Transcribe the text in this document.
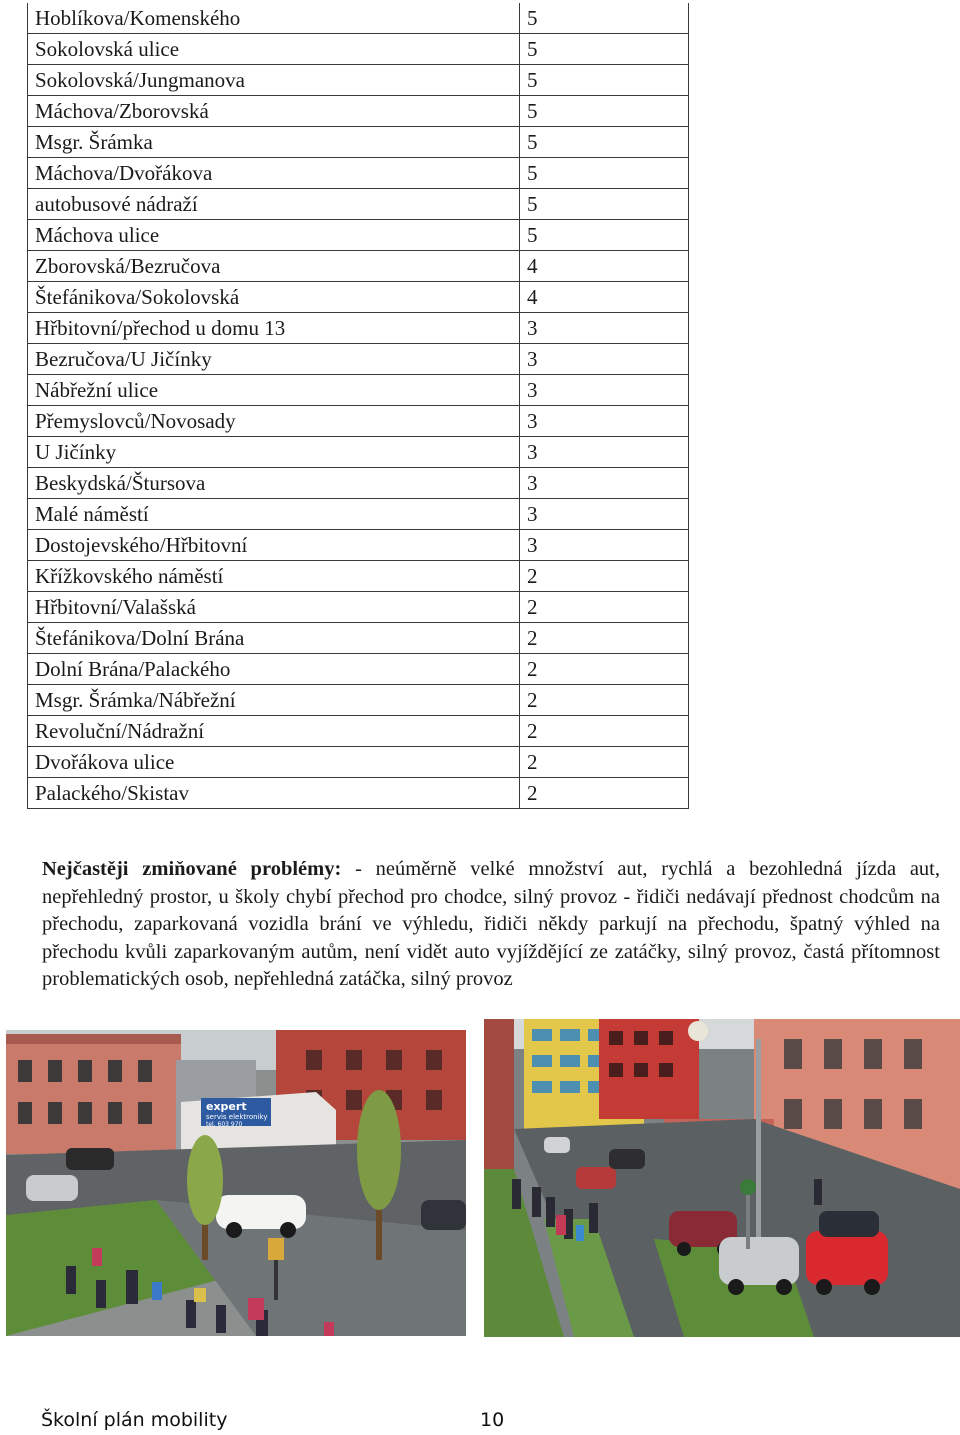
Hoblíkova/Komenského	5
Sokolovská ulice	5
Sokolovská/Jungmanova	5
Máchova/Zborovská	5
Msgr. Šrámka	5
Máchova/Dvořákova	5
autobusové nádraží	5
Máchova ulice	5
Zborovská/Bezručova	4
Štefánikova/Sokolovská	4
Hřbitovní/přechod u domu 13	3
Bezručova/U Jičínky	3
Nábřežní ulice	3
Přemyslovců/Novosady	3
U Jičínky	3
Beskydská/Štursova	3
Malé náměstí	3
Dostojevského/Hřbitovní	3
Křížkovského náměstí	2
Hřbitovní/Valašská	2
Štefánikova/Dolní Brána	2
Dolní Brána/Palackého	2
Msgr. Šrámka/Nábřežní	2
Revoluční/Nádražní	2
Dvořákova ulice	2
Palackého/Skistav	2
Nejčastěji zmiňované problémy: - neúměrně velké množství aut, rychlá a bezohledná jízda aut, nepřehledný prostor, u školy chybí přechod pro chodce, silný provoz - řidiči nedávají přednost chodcům na přechodu, zaparkovaná vozidla brání ve výhledu, řidiči někdy parkují na přechodu, špatný výhled na přechodu kvůli zaparkovaným autům, není vidět auto vyjíždějící ze zatáčky, silný provoz, častá přítomnost problematických osob, nepřehledná zatáčka, silný provoz
expert
servis elektroniky
tel. 603 970
Školní plán mobility	10
